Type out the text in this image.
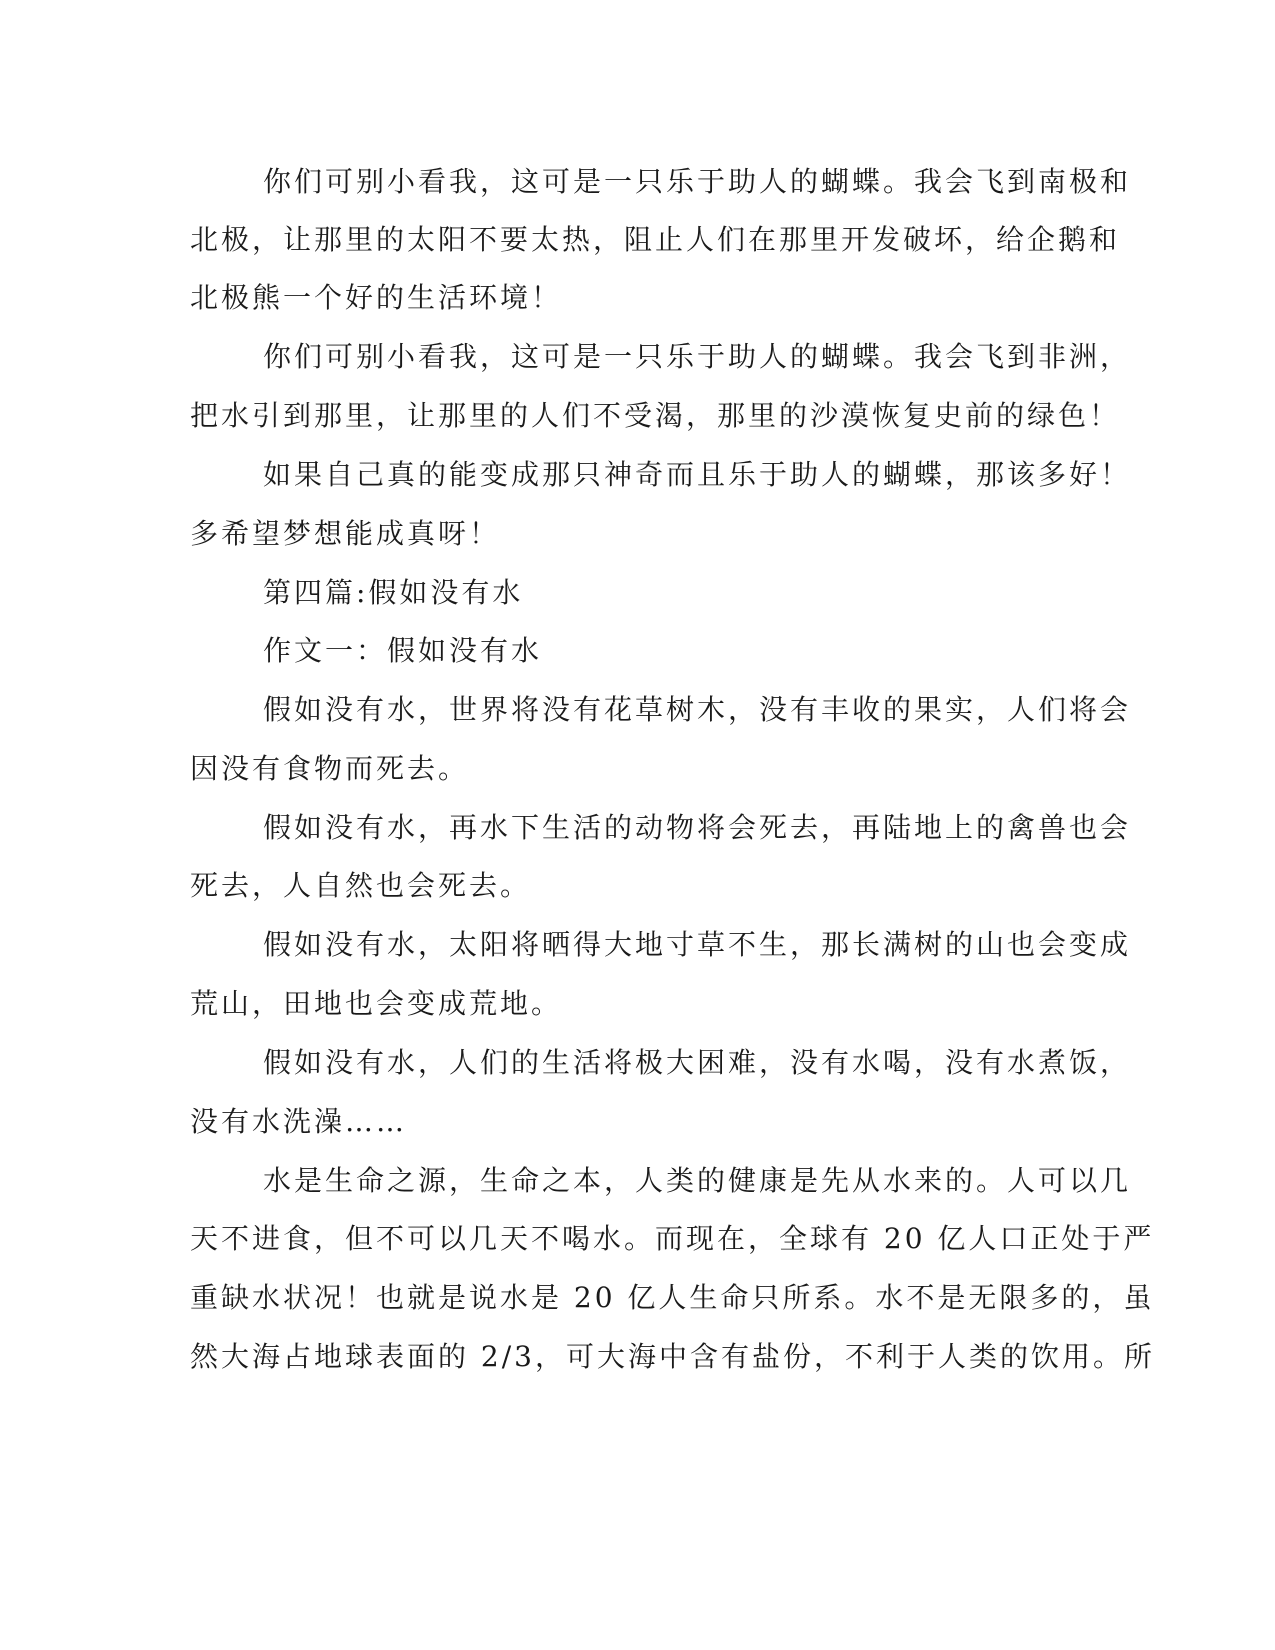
你们可别小看我，这可是一只乐于助人的蝴蝶。我会飞到南极和
北极，让那里的太阳不要太热，阻止人们在那里开发破坏，给企鹅和
北极熊一个好的生活环境！
你们可别小看我，这可是一只乐于助人的蝴蝶。我会飞到非洲，
把水引到那里，让那里的人们不受渴，那里的沙漠恢复史前的绿色！
如果自己真的能变成那只神奇而且乐于助人的蝴蝶，那该多好！
多希望梦想能成真呀！
第四篇:假如没有水
作文一：假如没有水
假如没有水，世界将没有花草树木，没有丰收的果实，人们将会
因没有食物而死去。
假如没有水，再水下生活的动物将会死去，再陆地上的禽兽也会
死去，人自然也会死去。
假如没有水，太阳将晒得大地寸草不生，那长满树的山也会变成
荒山，田地也会变成荒地。
假如没有水，人们的生活将极大困难，没有水喝，没有水煮饭，
没有水洗澡……
水是生命之源，生命之本，人类的健康是先从水来的。人可以几
天不进食，但不可以几天不喝水。而现在，全球有 20 亿人口正处于严
重缺水状况！也就是说水是 20 亿人生命只所系。水不是无限多的，虽
然大海占地球表面的 2/3，可大海中含有盐份，不利于人类的饮用。所
